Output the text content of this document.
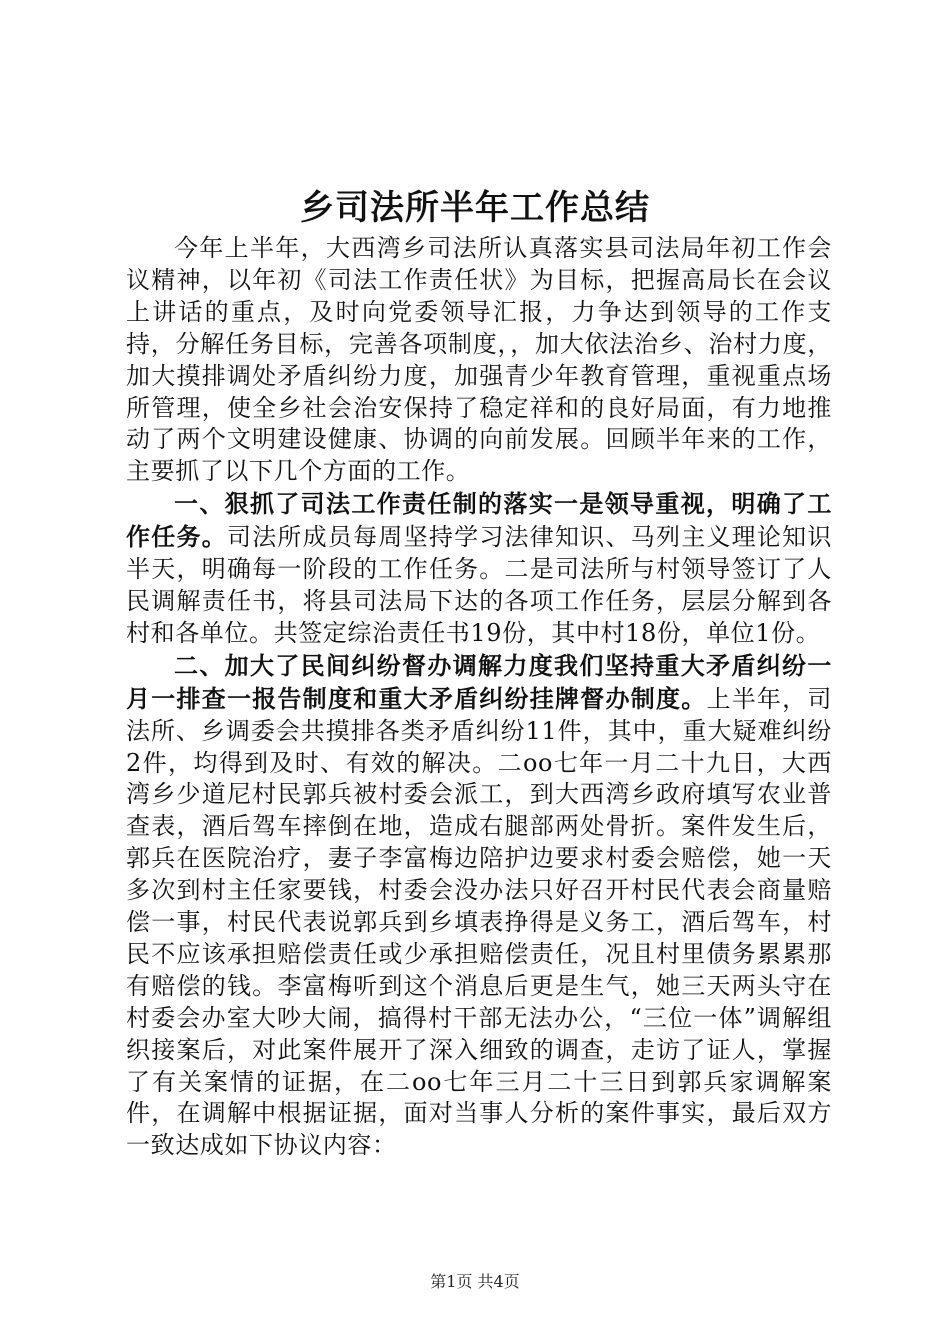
乡司法所半年工作总结

今年上半年，大西湾乡司法所认真落实县司法局年初工作会议精神，以年初《司法工作责任状》为目标，把握高局长在会议上讲话的重点，及时向党委领导汇报，力争达到领导的工作支持，分解任务目标，完善各项制度，，加大依法治乡、治村力度，加大摸排调处矛盾纠纷力度，加强青少年教育管理，重视重点场所管理，使全乡社会治安保持了稳定祥和的良好局面，有力地推动了两个文明建设健康、协调的向前发展。回顾半年来的工作，主要抓了以下几个方面的工作。

一、狠抓了司法工作责任制的落实一是领导重视，明确了工作任务。司法所成员每周坚持学习法律知识、马列主义理论知识半天，明确每一阶段的工作任务。二是司法所与村领导签订了人民调解责任书，将县司法局下达的各项工作任务，层层分解到各村和各单位。共签定综治责任书19份，其中村18份，单位1份。

二、加大了民间纠纷督办调解力度我们坚持重大矛盾纠纷一月一排查一报告制度和重大矛盾纠纷挂牌督办制度。上半年，司法所、乡调委会共摸排各类矛盾纠纷11件，其中，重大疑难纠纷2件，均得到及时、有效的解决。二oo七年一月二十九日，大西湾乡少道尼村民郭兵被村委会派工，到大西湾乡政府填写农业普查表，酒后驾车摔倒在地，造成右腿部两处骨折。案件发生后，郭兵在医院治疗，妻子李富梅边陪护边要求村委会赔偿，她一天多次到村主任家要钱，村委会没办法只好召开村民代表会商量赔偿一事，村民代表说郭兵到乡填表挣得是义务工，酒后驾车，村民不应该承担赔偿责任或少承担赔偿责任，况且村里债务累累那有赔偿的钱。李富梅听到这个消息后更是生气，她三天两头守在村委会办室大吵大闹，搞得村干部无法办公，“三位一体”调解组织接案后，对此案件展开了深入细致的调查，走访了证人，掌握了有关案情的证据，在二oo七年三月二十三日到郭兵家调解案件，在调解中根据证据，面对当事人分析的案件事实，最后双方一致达成如下协议内容：

第1页 共4页
